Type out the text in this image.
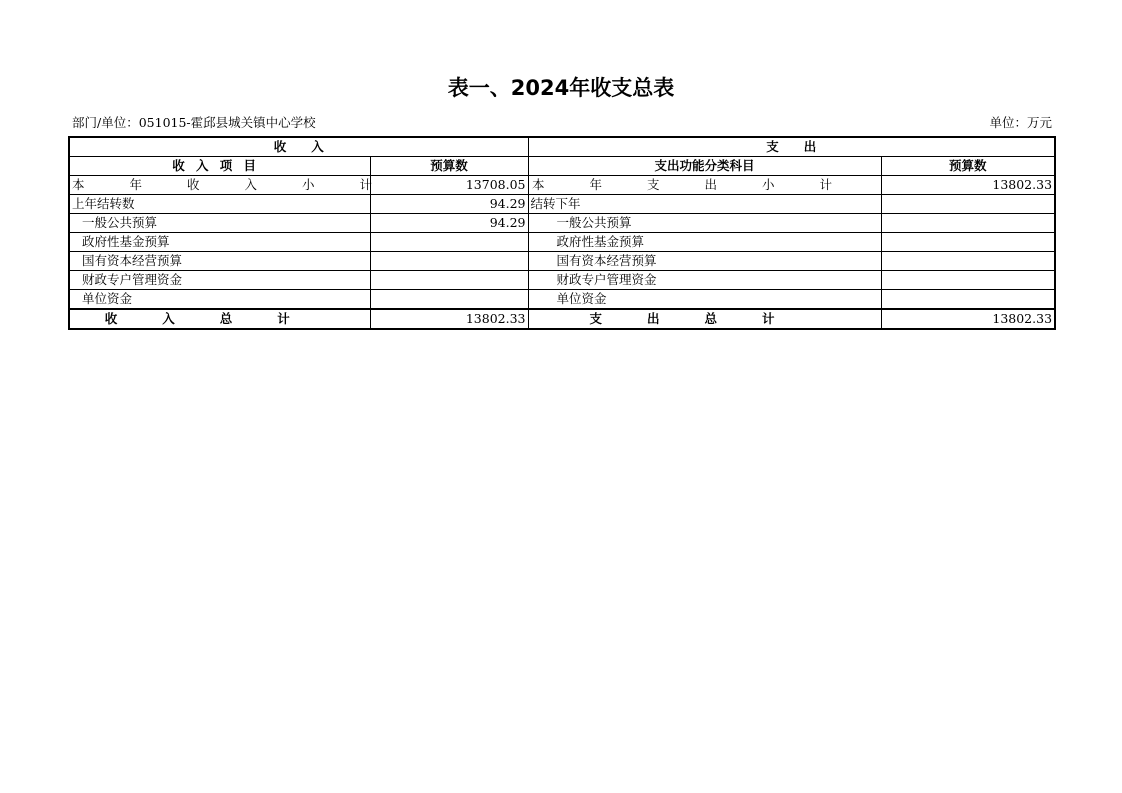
表一、2024年收支总表
部门/单位：051015-霍邱县城关镇中心学校	单位：万元
收　　入		支　　出	
收入项目	预算数	支出功能分类科目	预算数
本年收入小计	13708.05	本年支出小计	13802.33
上年结转数	94.29	结转下年	
一般公共预算	94.29	一般公共预算	
政府性基金预算		政府性基金预算	
国有资本经营预算		国有资本经营预算	
财政专户管理资金		财政专户管理资金	
单位资金		单位资金	
收入总计	13802.33	支出总计	13802.33
